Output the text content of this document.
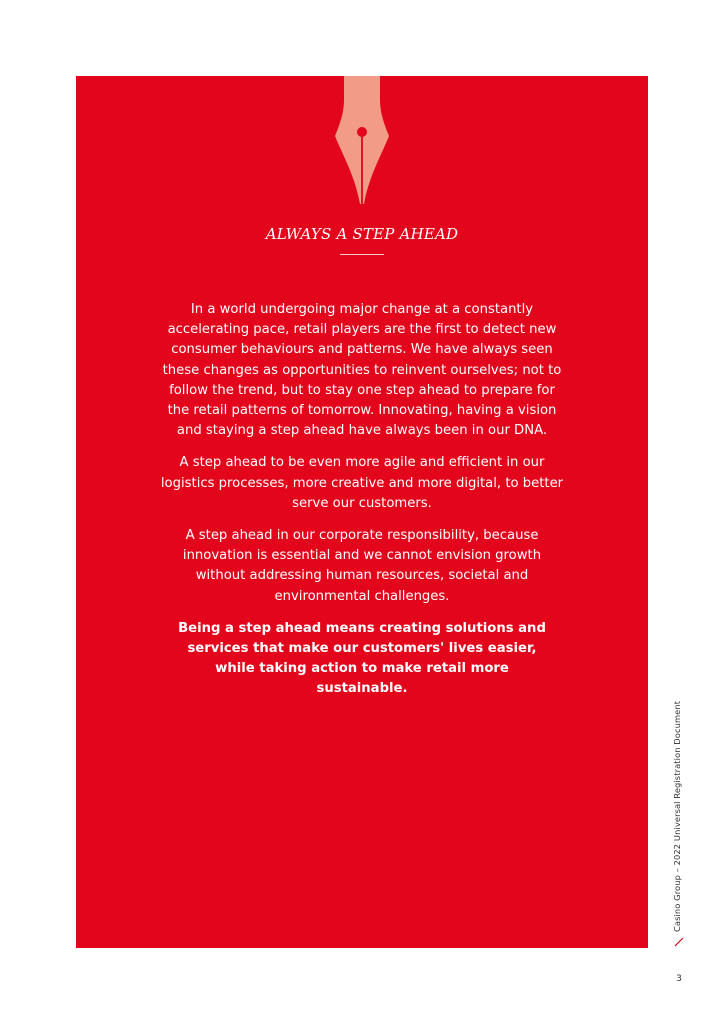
ALWAYS A STEP AHEAD

In a world undergoing major change at a constantly accelerating pace, retail players are the first to detect new consumer behaviours and patterns. We have always seen these changes as opportunities to reinvent ourselves; not to follow the trend, but to stay one step ahead to prepare for the retail patterns of tomorrow. Innovating, having a vision and staying a step ahead have always been in our DNA.

A step ahead to be even more agile and efficient in our logistics processes, more creative and more digital, to better serve our customers.

A step ahead in our corporate responsibility, because innovation is essential and we cannot envision growth without addressing human resources, societal and environmental challenges.

Being a step ahead means creating solutions and services that make our customers' lives easier, while taking action to make retail more sustainable.

Casino Group – 2022 Universal Registration Document
3
